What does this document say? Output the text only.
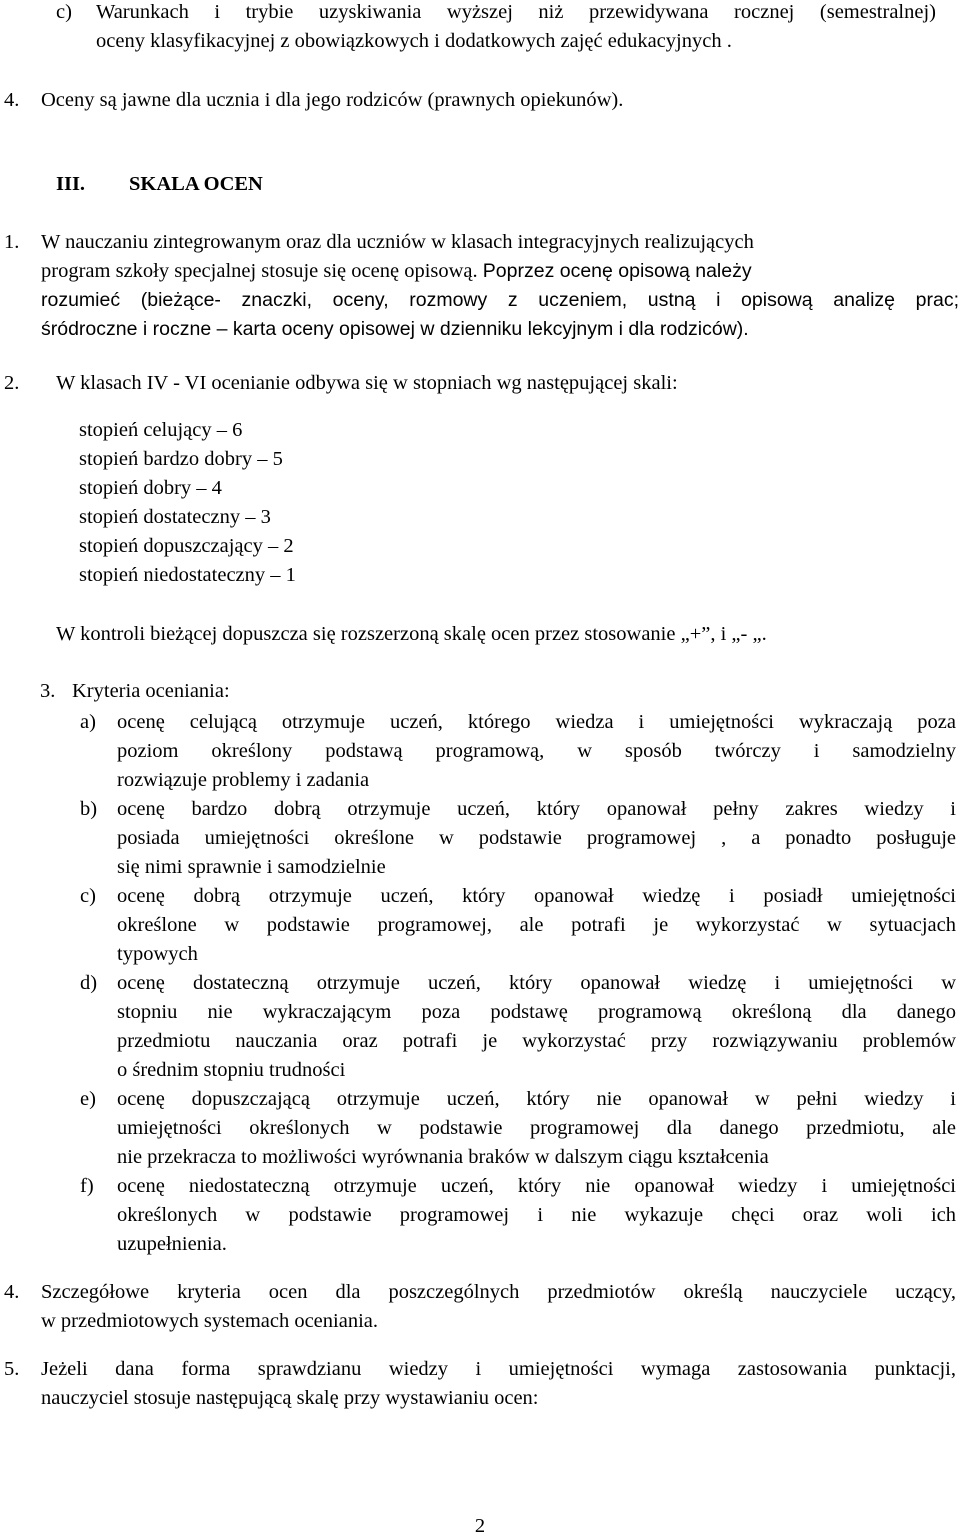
c) Warunkach i trybie uzyskiwania wyższej niż przewidywana rocznej (semestralnej)
oceny klasyfikacyjnej z obowiązkowych i dodatkowych zajęć edukacyjnych .
4. Oceny są jawne dla ucznia i dla jego rodziców (prawnych opiekunów).
III. SKALA OCEN
1. W nauczaniu zintegrowanym oraz dla uczniów w klasach integracyjnych realizujących
program szkoły specjalnej stosuje się ocenę opisową. Poprzez ocenę opisową należy
rozumieć (bieżące- znaczki, oceny, rozmowy z uczeniem, ustną i opisową analizę prac;
śródroczne i roczne – karta oceny opisowej w dzienniku lekcyjnym i dla rodziców).
2. W klasach IV - VI ocenianie odbywa się w stopniach wg następującej skali:
stopień celujący – 6
stopień bardzo dobry – 5
stopień dobry – 4
stopień dostateczny – 3
stopień dopuszczający – 2
stopień niedostateczny – 1
W kontroli bieżącej dopuszcza się rozszerzoną skalę ocen przez stosowanie „+”, i „- „.
3. Kryteria oceniania:
a) ocenę celującą otrzymuje uczeń, którego wiedza i umiejętności wykraczają poza
poziom określony podstawą programową, w sposób twórczy i samodzielny
rozwiązuje problemy i zadania
b) ocenę bardzo dobrą otrzymuje uczeń, który opanował pełny zakres wiedzy i
posiada umiejętności określone w podstawie programowej , a ponadto posługuje
się nimi sprawnie i samodzielnie
c) ocenę dobrą otrzymuje uczeń, który opanował wiedzę i posiadł umiejętności
określone w podstawie programowej, ale potrafi je wykorzystać w sytuacjach
typowych
d) ocenę dostateczną otrzymuje uczeń, który opanował wiedzę i umiejętności w
stopniu nie wykraczającym poza podstawę programową określoną dla danego
przedmiotu nauczania oraz potrafi je wykorzystać przy rozwiązywaniu problemów
o średnim stopniu trudności
e) ocenę dopuszczającą otrzymuje uczeń, który nie opanował w pełni wiedzy i
umiejętności określonych w podstawie programowej dla danego przedmiotu, ale
nie przekracza to możliwości wyrównania braków w dalszym ciągu kształcenia
f) ocenę niedostateczną otrzymuje uczeń, który nie opanował wiedzy i umiejętności
określonych w podstawie programowej i nie wykazuje chęci oraz woli ich
uzupełnienia.
4. Szczegółowe kryteria ocen dla poszczególnych przedmiotów określą nauczyciele uczący,
w przedmiotowych systemach oceniania.
5. Jeżeli dana forma sprawdzianu wiedzy i umiejętności wymaga zastosowania punktacji,
nauczyciel stosuje następującą skalę przy wystawianiu ocen:
2
